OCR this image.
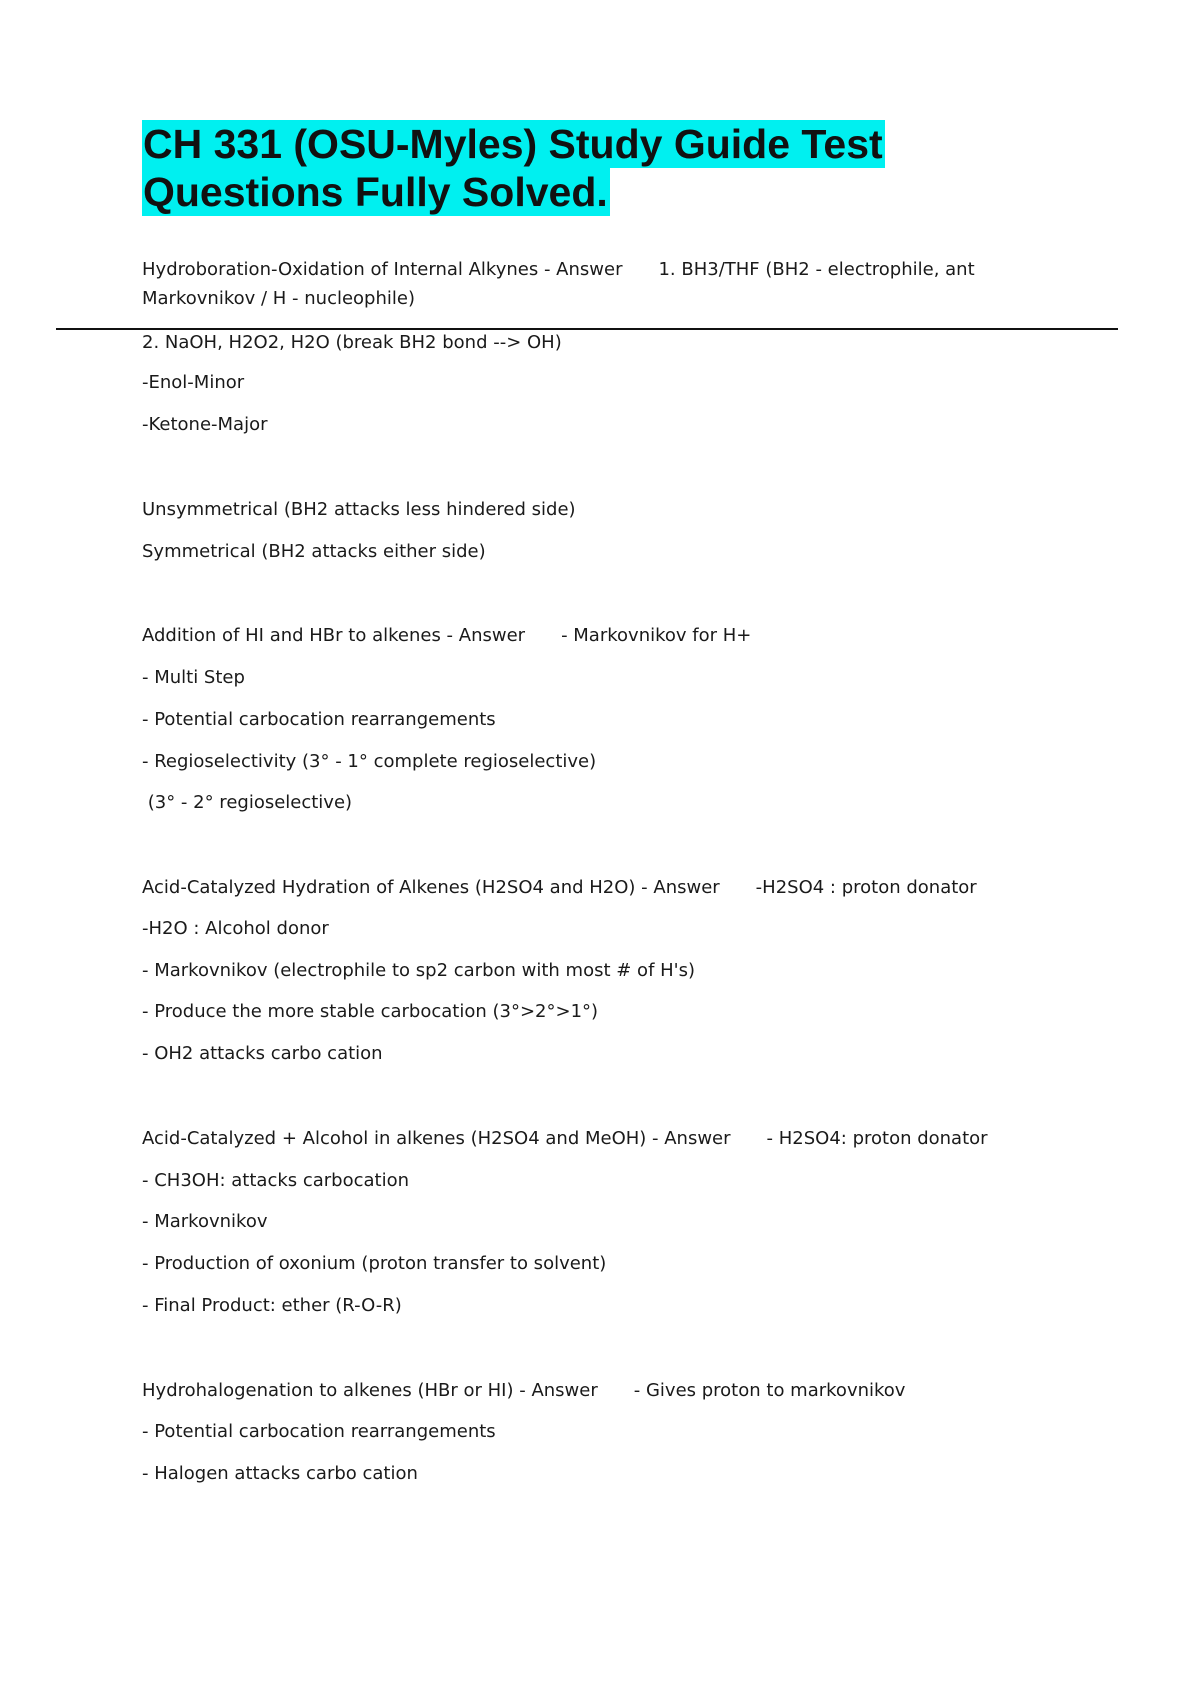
CH 331 (OSU-Myles) Study Guide Test
Questions Fully Solved.
Hydroboration-Oxidation of Internal Alkynes - Answer 1. BH3/THF (BH2 - electrophile, ant
Markovnikov / H - nucleophile)
2. NaOH, H2O2, H2O (break BH2 bond --> OH)
-Enol-Minor
-Ketone-Major
Unsymmetrical (BH2 attacks less hindered side)
Symmetrical (BH2 attacks either side)
Addition of HI and HBr to alkenes - Answer - Markovnikov for H+
- Multi Step
- Potential carbocation rearrangements
- Regioselectivity (3° - 1° complete regioselective)
(3° - 2° regioselective)
Acid-Catalyzed Hydration of Alkenes (H2SO4 and H2O) - Answer -H2SO4 : proton donator
-H2O : Alcohol donor
- Markovnikov (electrophile to sp2 carbon with most # of H's)
- Produce the more stable carbocation (3°>2°>1°)
- OH2 attacks carbo cation
Acid-Catalyzed + Alcohol in alkenes (H2SO4 and MeOH) - Answer - H2SO4: proton donator
- CH3OH: attacks carbocation
- Markovnikov
- Production of oxonium (proton transfer to solvent)
- Final Product: ether (R-O-R)
Hydrohalogenation to alkenes (HBr or HI) - Answer - Gives proton to markovnikov
- Potential carbocation rearrangements
- Halogen attacks carbo cation
